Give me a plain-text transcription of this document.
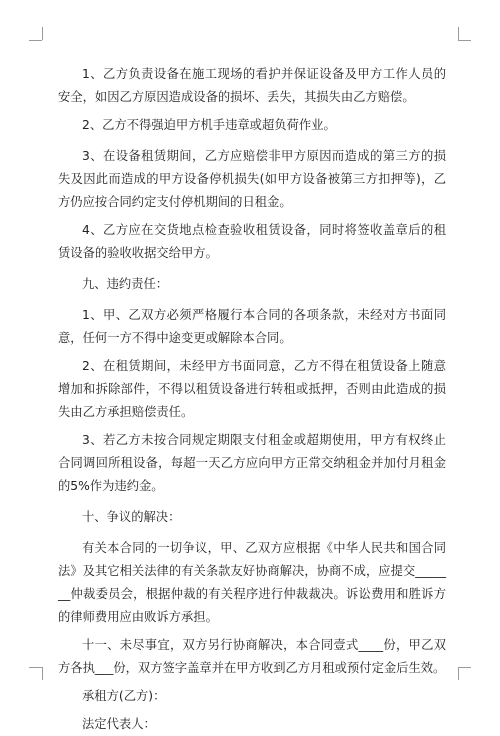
1、乙方负责设备在施工现场的看护并保证设备及甲方工作人员的安全，如因乙方原因造成设备的损坏、丢失，其损失由乙方赔偿。

2、乙方不得强迫甲方机手违章或超负荷作业。

3、在设备租赁期间，乙方应赔偿非甲方原因而造成的第三方的损失及因此而造成的甲方设备停机损失(如甲方设备被第三方扣押等)，乙方仍应按合同约定支付停机期间的日租金。

4、乙方应在交货地点检查验收租赁设备，同时将签收盖章后的租赁设备的验收收据交给甲方。

九、违约责任：

1、甲、乙双方必须严格履行本合同的各项条款，未经对方书面同意，任何一方不得中途变更或解除本合同。

2、在租赁期间，未经甲方书面同意，乙方不得在租赁设备上随意增加和拆除部件，不得以租赁设备进行转租或抵押，否则由此造成的损失由乙方承担赔偿责任。

3、若乙方未按合同规定期限支付租金或超期使用，甲方有权终止合同调回所租设备，每超一天乙方应向甲方正常交纳租金并加付月租金的5%作为违约金。

十、争议的解决：

有关本合同的一切争议，甲、乙双方应根据《中华人民共和国合同法》及其它相关法律的有关条款友好协商解决，协商不成，应提交_______仲裁委员会，根据仲裁的有关程序进行仲裁裁决。诉讼费用和胜诉方的律师费用应由败诉方承担。

十一、未尽事宜，双方另行协商解决，本合同壹式____份，甲乙双方各执___份，双方签字盖章并在甲方收到乙方月租或预付定金后生效。

承租方(乙方)：

法定代表人：
